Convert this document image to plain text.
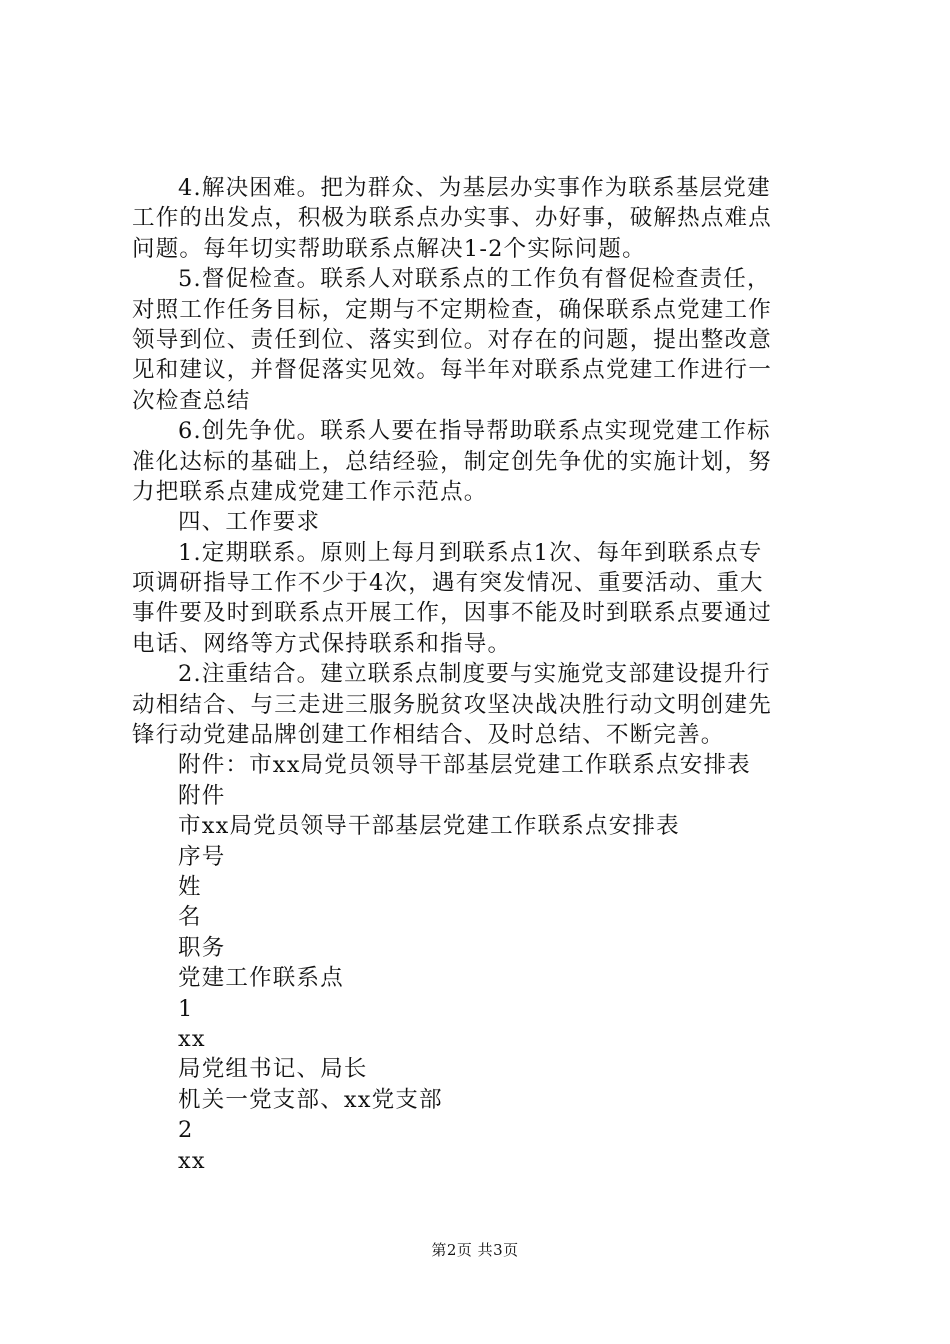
4.解决困难。把为群众、为基层办实事作为联系基层党建
工作的出发点，积极为联系点办实事、办好事，破解热点难点
问题。每年切实帮助联系点解决1-2个实际问题。
5.督促检查。联系人对联系点的工作负有督促检查责任，
对照工作任务目标，定期与不定期检查，确保联系点党建工作
领导到位、责任到位、落实到位。对存在的问题，提出整改意
见和建议，并督促落实见效。每半年对联系点党建工作进行一
次检查总结
6.创先争优。联系人要在指导帮助联系点实现党建工作标
准化达标的基础上，总结经验，制定创先争优的实施计划，努
力把联系点建成党建工作示范点。
四、工作要求
1.定期联系。原则上每月到联系点1次、每年到联系点专
项调研指导工作不少于4次，遇有突发情况、重要活动、重大
事件要及时到联系点开展工作，因事不能及时到联系点要通过
电话、网络等方式保持联系和指导。
2.注重结合。建立联系点制度要与实施党支部建设提升行
动相结合、与三走进三服务脱贫攻坚决战决胜行动文明创建先
锋行动党建品牌创建工作相结合、及时总结、不断完善。
附件：市xx局党员领导干部基层党建工作联系点安排表
附件
市xx局党员领导干部基层党建工作联系点安排表
序号
姓
名
职务
党建工作联系点
1
xx
局党组书记、局长
机关一党支部、xx党支部
2
xx
第2页 共3页
